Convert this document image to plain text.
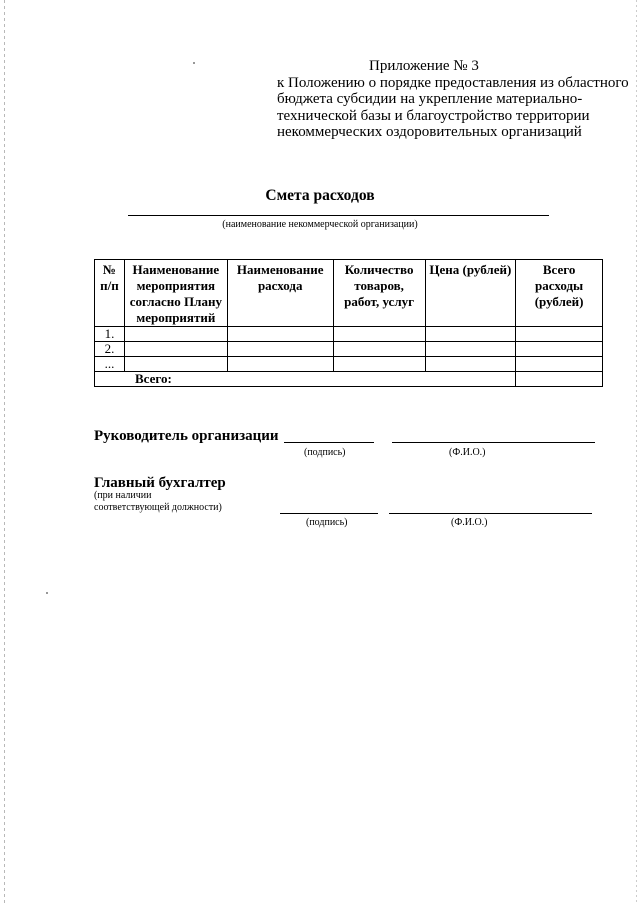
Приложение № 3
к Положению о порядке предоставления из областного
бюджета субсидии на укрепление материально-
технической базы и благоустройство территории
некоммерческих оздоровительных организаций
Смета расходов
(наименование некоммерческой организации)
№ п/п	Наименование мероприятия согласно Плану мероприятий	Наименование расхода	Количество товаров, работ, услуг	Цена (рублей)	Всего расходы (рублей)
1.					
2.					
...					
Всего:					
Руководитель организации
(подпись)	(Ф.И.О.)
Главный бухгалтер
(при наличии
соответствующей должности)
(подпись)	(Ф.И.О.)
